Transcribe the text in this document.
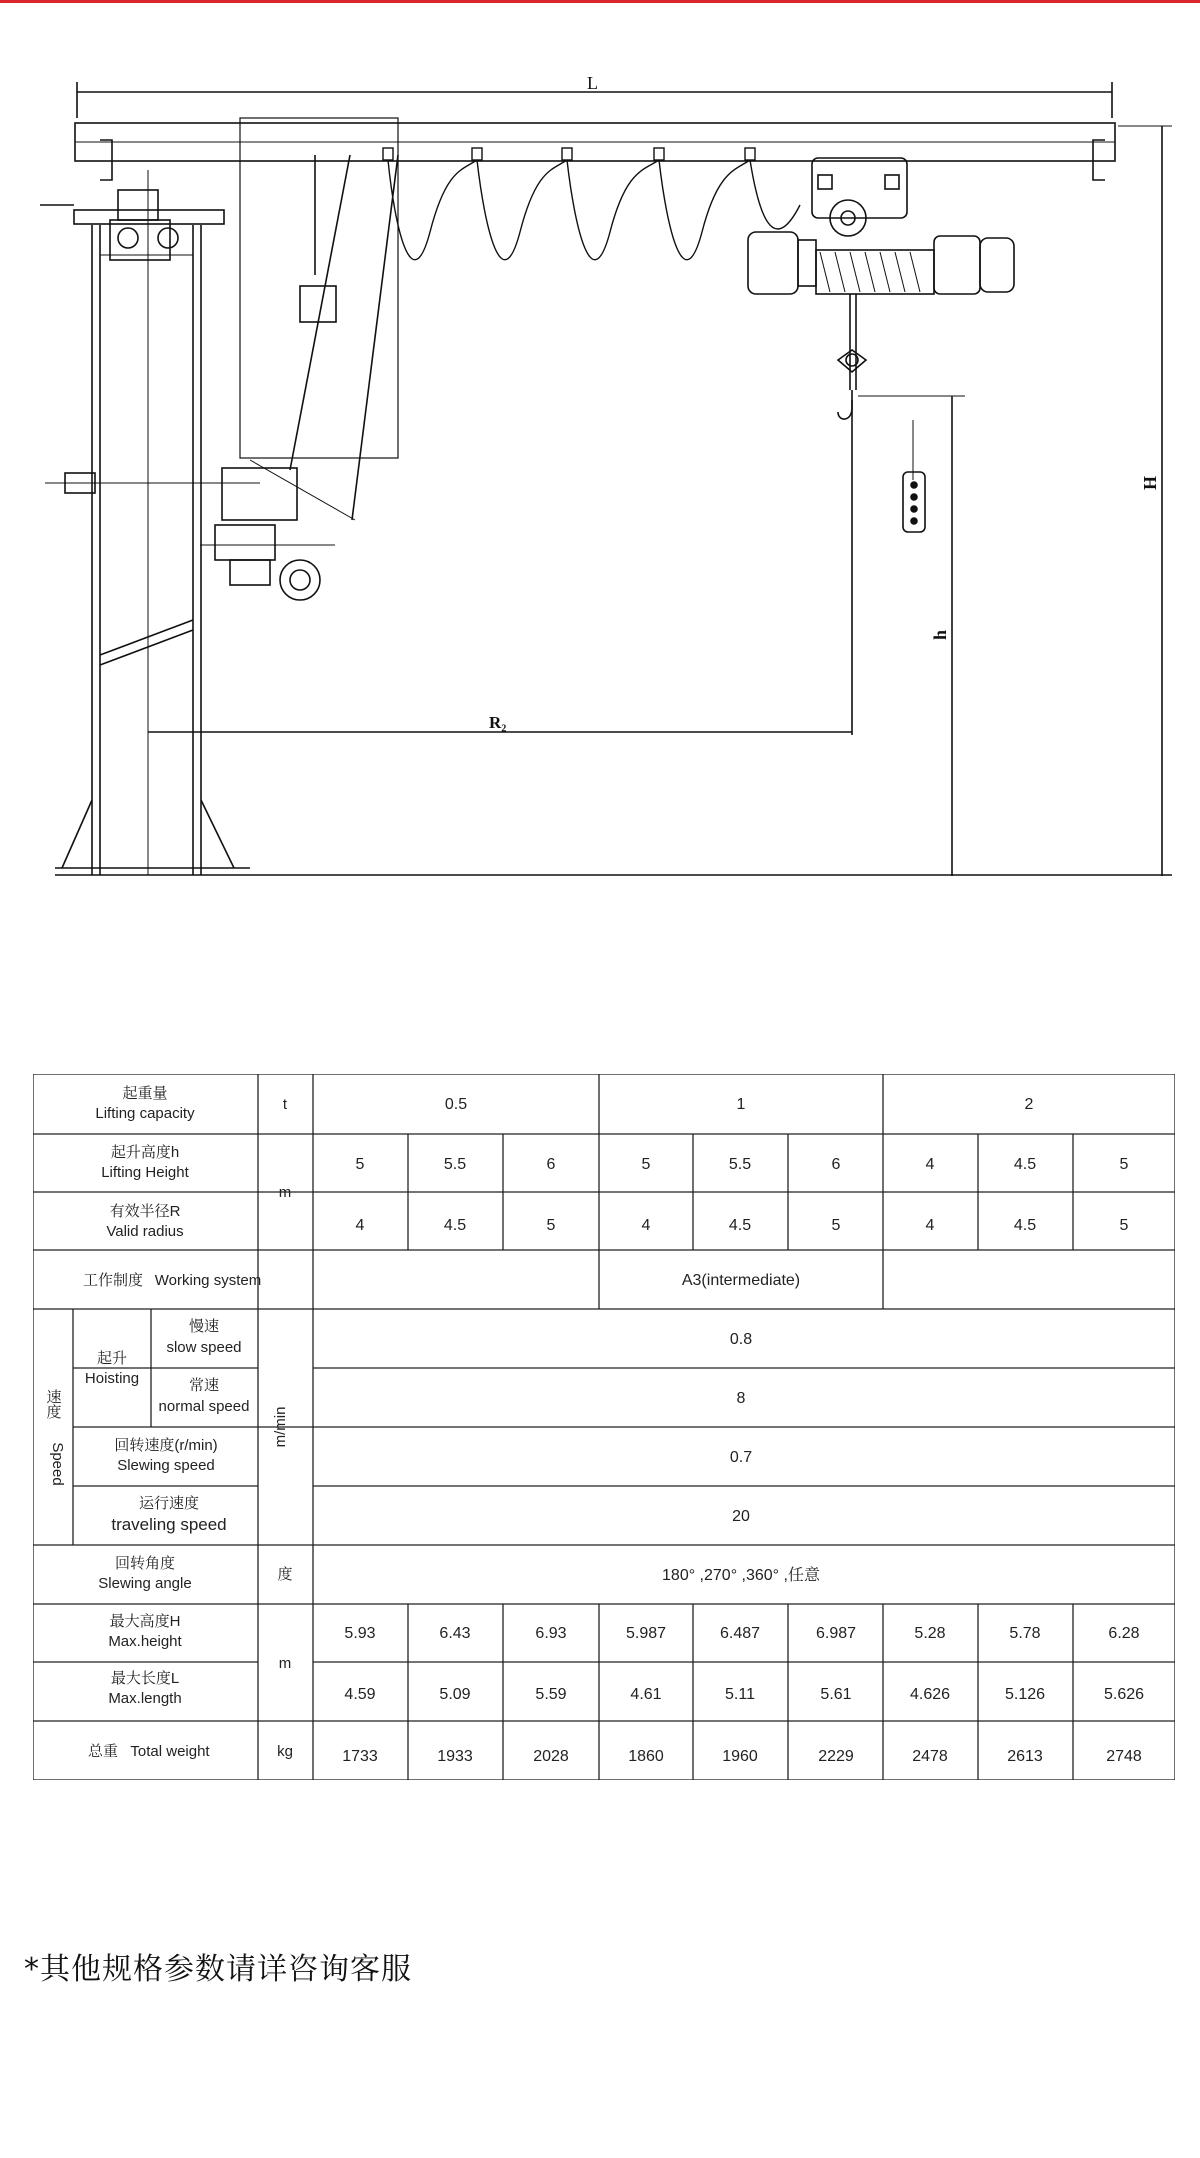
L
R₂
H
h
起重量
Lifting capacity
t	0.5	1	2
起升高度h
Lifting Height
m
5	5.5	6	5	5.5	6	4	4.5	5
有效半径R
Valid radius	4	4.5	5	4	4.5	5	4	4.5	5
工作制度 Working system	A3(intermediate)
速度
Speed
起升
Hoisting
慢速
slow speed	0.8
常速
normal speed	8
m/min
回转速度(r/min)
Slewing speed	0.7
运行速度
traveling speed	20
回转角度
Slewing angle
度	180° ,270° ,360° ,任意
最大高度H
Max.height
m
5.93	6.43	6.93	5.987	6.487	6.987	5.28	5.78	6.28
最大长度L
Max.length	4.59	5.09	5.59	4.61	5.11	5.61	4.626	5.126	5.626
总重 Total weight	kg	1733	1933	2028	1860	1960	2229	2478	2613	2748
*其他规格参数请详咨询客服
